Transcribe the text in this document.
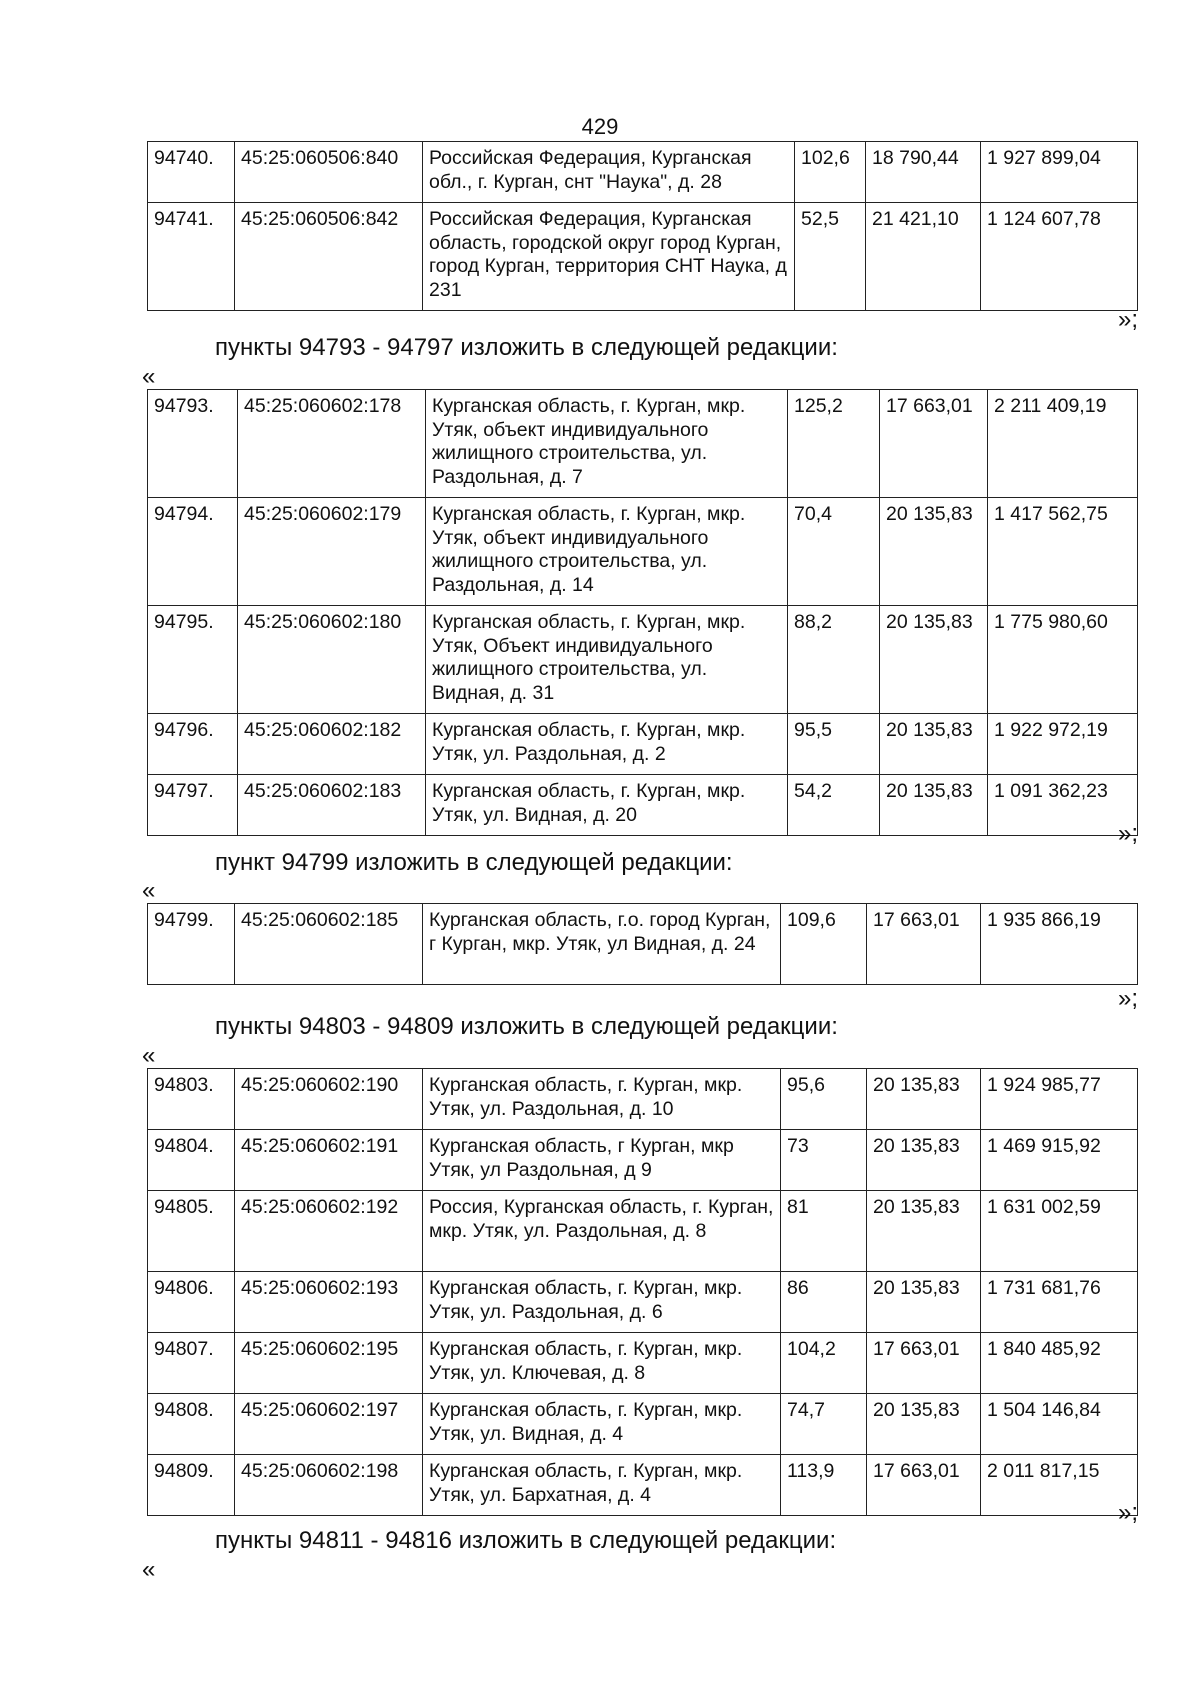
429
94740.	45:25:060506:840	Российская Федерация, Курганская обл., г. Курган, снт "Наука", д. 28	102,6	18 790,44	1 927 899,04
94741.	45:25:060506:842	Российская Федерация, Курганская область, городской округ город Курган, город Курган, территория СНТ Наука, д 231	52,5	21 421,10	1 124 607,78
»;
пункты 94793 - 94797 изложить в следующей редакции:
«
94793.	45:25:060602:178	Курганская область, г. Курган, мкр. Утяк, объект индивидуального жилищного строительства, ул. Раздольная, д. 7	125,2	17 663,01	2 211 409,19
94794.	45:25:060602:179	Курганская область, г. Курган, мкр. Утяк, объект индивидуального жилищного строительства, ул. Раздольная, д. 14	70,4	20 135,83	1 417 562,75
94795.	45:25:060602:180	Курганская область, г. Курган, мкр. Утяк, Объект индивидуального жилищного строительства, ул. Видная, д. 31	88,2	20 135,83	1 775 980,60
94796.	45:25:060602:182	Курганская область, г. Курган, мкр. Утяк, ул. Раздольная, д. 2	95,5	20 135,83	1 922 972,19
94797.	45:25:060602:183	Курганская область, г. Курган, мкр. Утяк, ул. Видная, д. 20	54,2	20 135,83	1 091 362,23
»;
пункт 94799 изложить в следующей редакции:
«
94799.	45:25:060602:185	Курганская область, г.о. город Курган, г Курган, мкр. Утяк, ул Видная, д. 24	109,6	17 663,01	1 935 866,19
»;
пункты 94803 - 94809 изложить в следующей редакции:
«
94803.	45:25:060602:190	Курганская область, г. Курган, мкр. Утяк, ул. Раздольная, д. 10	95,6	20 135,83	1 924 985,77
94804.	45:25:060602:191	Курганская область, г Курган, мкр Утяк, ул Раздольная, д 9	73	20 135,83	1 469 915,92
94805.	45:25:060602:192	Россия, Курганская область, г. Курган, мкр. Утяк, ул. Раздольная, д. 8	81	20 135,83	1 631 002,59
94806.	45:25:060602:193	Курганская область, г. Курган, мкр. Утяк, ул. Раздольная, д. 6	86	20 135,83	1 731 681,76
94807.	45:25:060602:195	Курганская область, г. Курган, мкр. Утяк, ул. Ключевая, д. 8	104,2	17 663,01	1 840 485,92
94808.	45:25:060602:197	Курганская область, г. Курган, мкр. Утяк, ул. Видная, д. 4	74,7	20 135,83	1 504 146,84
94809.	45:25:060602:198	Курганская область, г. Курган, мкр. Утяк, ул. Бархатная, д. 4	113,9	17 663,01	2 011 817,15
»;
пункты 94811 - 94816 изложить в следующей редакции:
«
